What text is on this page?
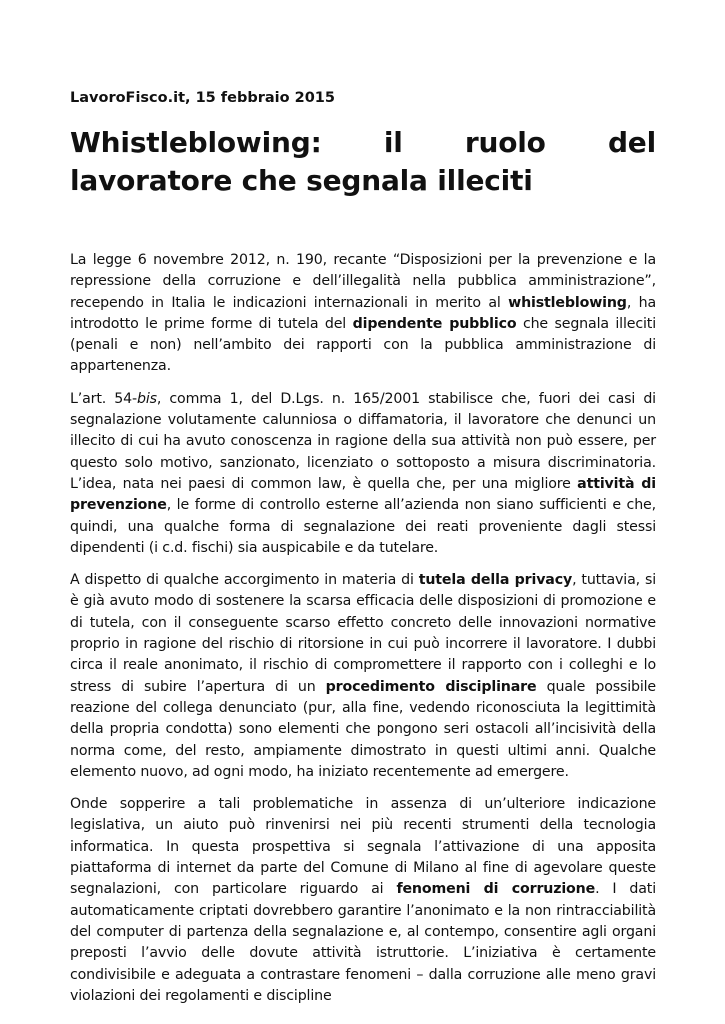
LavoroFisco.it, 15 febbraio 2015
Whistleblowing: il ruolo del lavoratore che segnala illeciti

La legge 6 novembre 2012, n. 190, recante “Disposizioni per la prevenzione e la repressione della corruzione e dell’illegalità nella pubblica amministrazione”, recependo in Italia le indicazioni internazionali in merito al whistleblowing, ha introdotto le prime forme di tutela del dipendente pubblico che segnala illeciti (penali e non) nell’ambito dei rapporti con la pubblica amministrazione di appartenenza.

L’art. 54-bis, comma 1, del D.Lgs. n. 165/2001 stabilisce che, fuori dei casi di segnalazione volutamente calunniosa o diffamatoria, il lavoratore che denunci un illecito di cui ha avuto conoscenza in ragione della sua attività non può essere, per questo solo motivo, sanzionato, licenziato o sottoposto a misura discriminatoria. L’idea, nata nei paesi di common law, è quella che, per una migliore attività di prevenzione, le forme di controllo esterne all’azienda non siano sufficienti e che, quindi, una qualche forma di segnalazione dei reati proveniente dagli stessi dipendenti (i c.d. fischi) sia auspicabile e da tutelare.

A dispetto di qualche accorgimento in materia di tutela della privacy, tuttavia, si è già avuto modo di sostenere la scarsa efficacia delle disposizioni di promozione e di tutela, con il conseguente scarso effetto concreto delle innovazioni normative proprio in ragione del rischio di ritorsione in cui può incorrere il lavoratore. I dubbi circa il reale anonimato, il rischio di compromettere il rapporto con i colleghi e lo stress di subire l’apertura di un procedimento disciplinare quale possibile reazione del collega denunciato (pur, alla fine, vedendo riconosciuta la legittimità della propria condotta) sono elementi che pongono seri ostacoli all’incisività della norma come, del resto, ampiamente dimostrato in questi ultimi anni. Qualche elemento nuovo, ad ogni modo, ha iniziato recentemente ad emergere.

Onde sopperire a tali problematiche in assenza di un’ulteriore indicazione legislativa, un aiuto può rinvenirsi nei più recenti strumenti della tecnologia informatica. In questa prospettiva si segnala l’attivazione di una apposita piattaforma di internet da parte del Comune di Milano al fine di agevolare queste segnalazioni, con particolare riguardo ai fenomeni di corruzione. I dati automaticamente criptati dovrebbero garantire l’anonimato e la non rintracciabilità del computer di partenza della segnalazione e, al contempo, consentire agli organi preposti l’avvio delle dovute attività istruttorie. L’iniziativa è certamente condivisibile e adeguata a contrastare fenomeni – dalla corruzione alle meno gravi violazioni dei regolamenti e discipline
